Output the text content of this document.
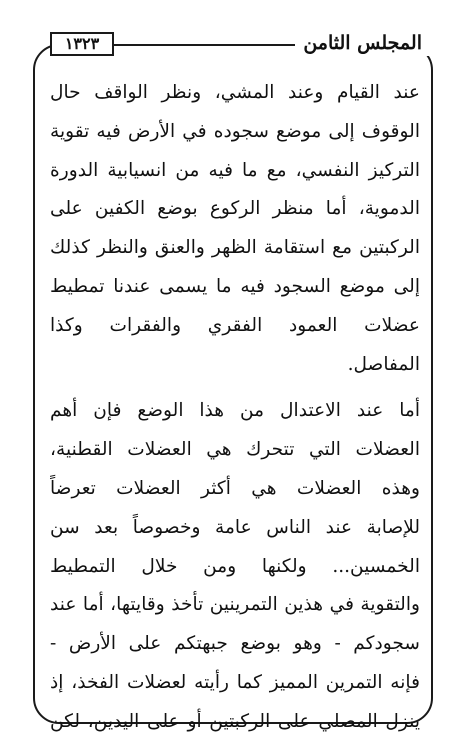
المجلس الثامن
١٣٢٣
عند القيام وعند المشي، ونظر الواقف حال
الوقوف إلى موضع سجوده في الأرض فيه تقوية
التركيز النفسي، مع ما فيه من انسيابية الدورة
الدموية، أما منظر الركوع بوضع الكفين على
الركبتين مع استقامة الظهر والعنق والنظر كذلك
إلى موضع السجود فيه ما يسمى عندنا تمطيط
عضلات العمود الفقري والفقرات وكذا
المفاصل.
أما عند الاعتدال من هذا الوضع فإن أهم
العضلات التي تتحرك هي العضلات القطنية،
وهذه العضلات هي أكثر العضلات تعرضاً
للإصابة عند الناس عامة وخصوصاً بعد سن
الخمسين... ولكنها ومن خلال التمطيط
والتقوية في هذين التمرينين تأخذ وقايتها، أما عند
سجودكم - وهو بوضع جبهتكم على الأرض -
فإنه التمرين المميز كما رأيته لعضلات الفخذ، إذ
ينزل المصلي على الركبتين أو على اليدين، لكن
